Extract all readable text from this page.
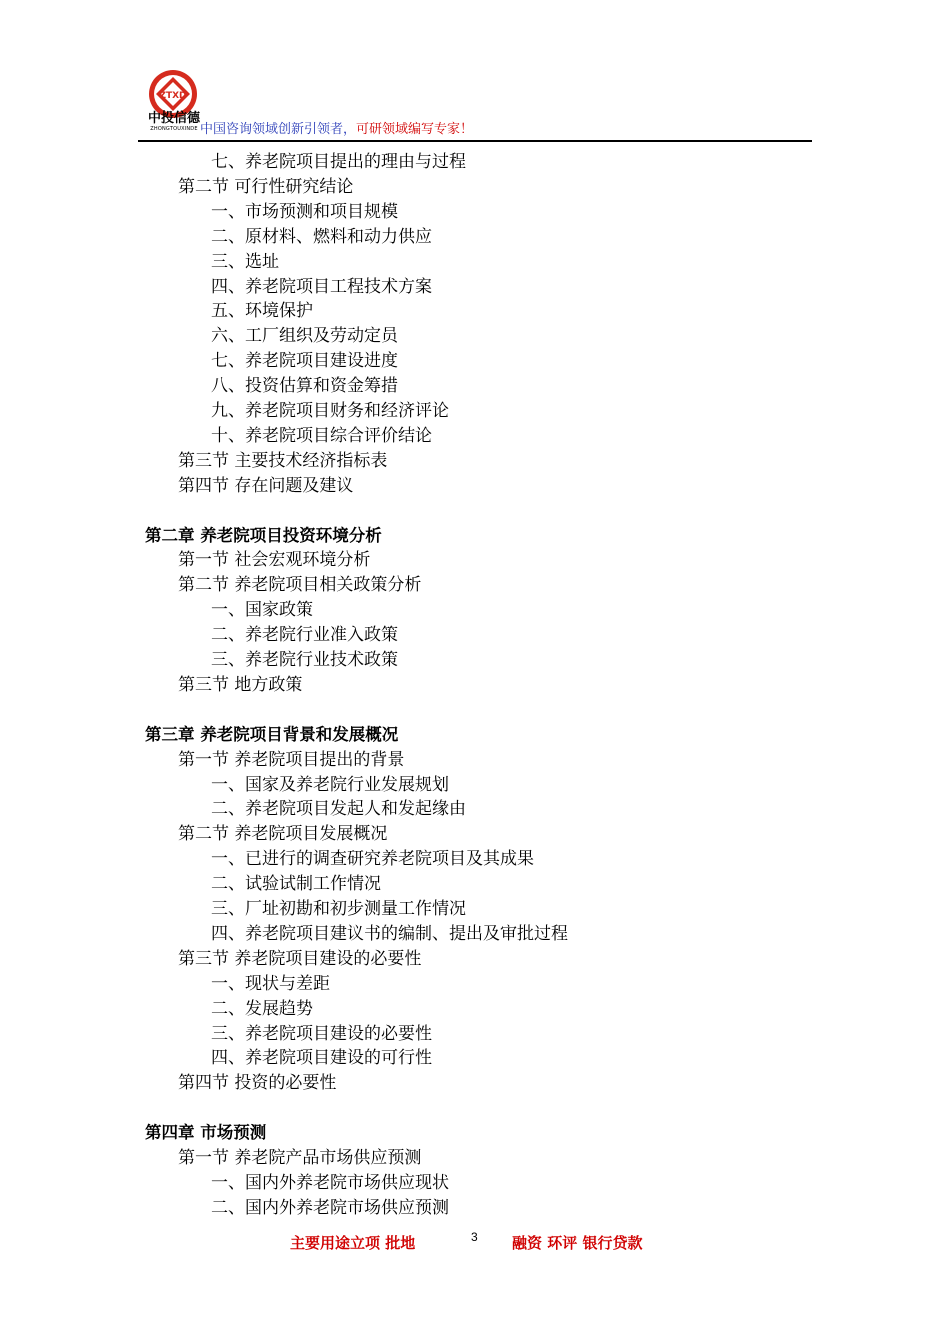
ZTXD
中投信德
ZHONGTOUXINDE 中国咨询领域创新引领者，可研领域编写专家！
七、养老院项目提出的理由与过程
第二节 可行性研究结论
一、市场预测和项目规模
二、原材料、燃料和动力供应
三、选址
四、养老院项目工程技术方案
五、环境保护
六、工厂组织及劳动定员
七、养老院项目建设进度
八、投资估算和资金筹措
九、养老院项目财务和经济评论
十、养老院项目综合评价结论
第三节 主要技术经济指标表
第四节 存在问题及建议
第二章 养老院项目投资环境分析
第一节 社会宏观环境分析
第二节 养老院项目相关政策分析
一、国家政策
二、养老院行业准入政策
三、养老院行业技术政策
第三节 地方政策
第三章 养老院项目背景和发展概况
第一节 养老院项目提出的背景
一、国家及养老院行业发展规划
二、养老院项目发起人和发起缘由
第二节 养老院项目发展概况
一、已进行的调查研究养老院项目及其成果
二、试验试制工作情况
三、厂址初勘和初步测量工作情况
四、养老院项目建议书的编制、提出及审批过程
第三节 养老院项目建设的必要性
一、现状与差距
二、发展趋势
三、养老院项目建设的必要性
四、养老院项目建设的可行性
第四节 投资的必要性
第四章 市场预测
第一节 养老院产品市场供应预测
一、国内外养老院市场供应现状
二、国内外养老院市场供应预测
主要用途立项 批地	3 融资 环评 银行贷款
